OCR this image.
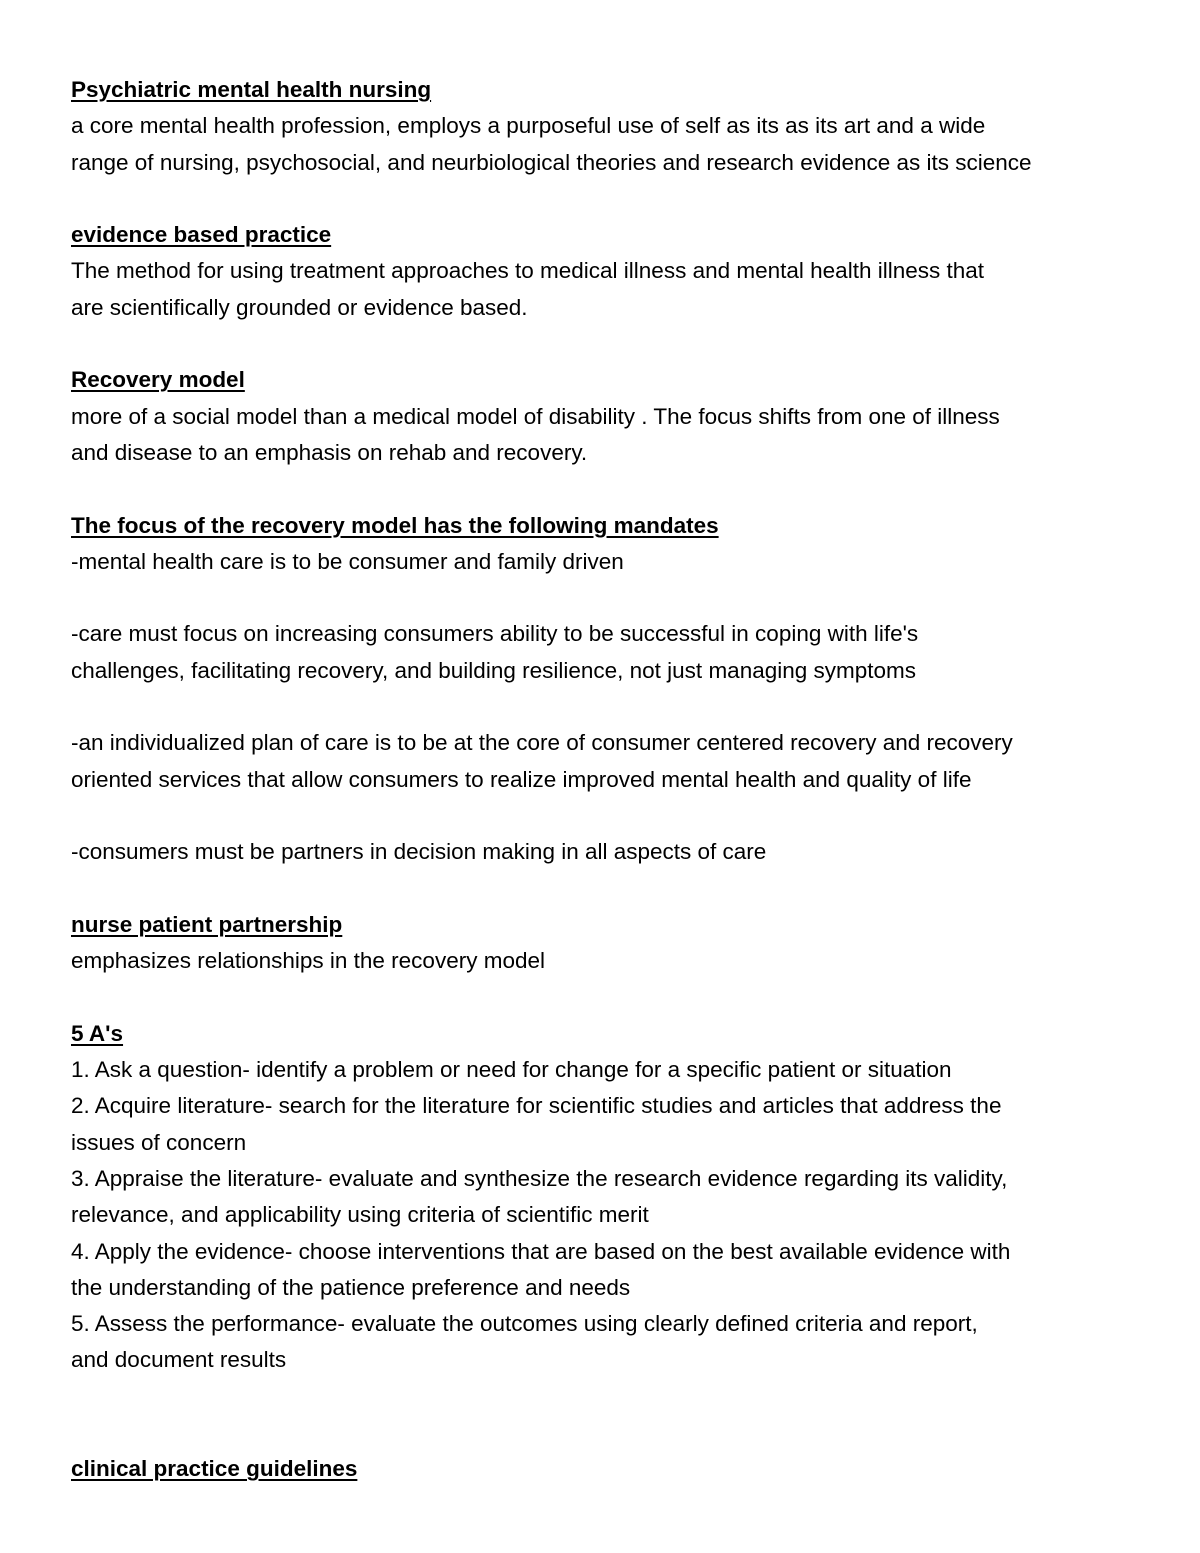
Psychiatric mental health nursing

a core mental health profession, employs a purposeful use of self as its as its art and a wide

range of nursing, psychosocial, and neurbiological theories and research evidence as its science

evidence based practice

The method for using treatment approaches to medical illness and mental health illness that

are scientifically grounded or evidence based.

Recovery model

more of a social model than a medical model of disability . The focus shifts from one of illness

and disease to an emphasis on rehab and recovery.

The focus of the recovery model has the following mandates

-mental health care is to be consumer and family driven

-care must focus on increasing consumers ability to be successful in coping with life's

challenges, facilitating recovery, and building resilience, not just managing symptoms

-an individualized plan of care is to be at the core of consumer centered recovery and recovery

oriented services that allow consumers to realize improved mental health and quality of life

-consumers must be partners in decision making in all aspects of care

nurse patient partnership

emphasizes relationships in the recovery model

5 A's

1. Ask a question- identify a problem or need for change for a specific patient or situation

2. Acquire literature- search for the literature for scientific studies and articles that address the

issues of concern

3. Appraise the literature- evaluate and synthesize the research evidence regarding its validity,

relevance, and applicability using criteria of scientific merit

4. Apply the evidence- choose interventions that are based on the best available evidence with

the understanding of the patience preference and needs

5. Assess the performance- evaluate the outcomes using clearly defined criteria and report,

and document results

clinical practice guidelines
